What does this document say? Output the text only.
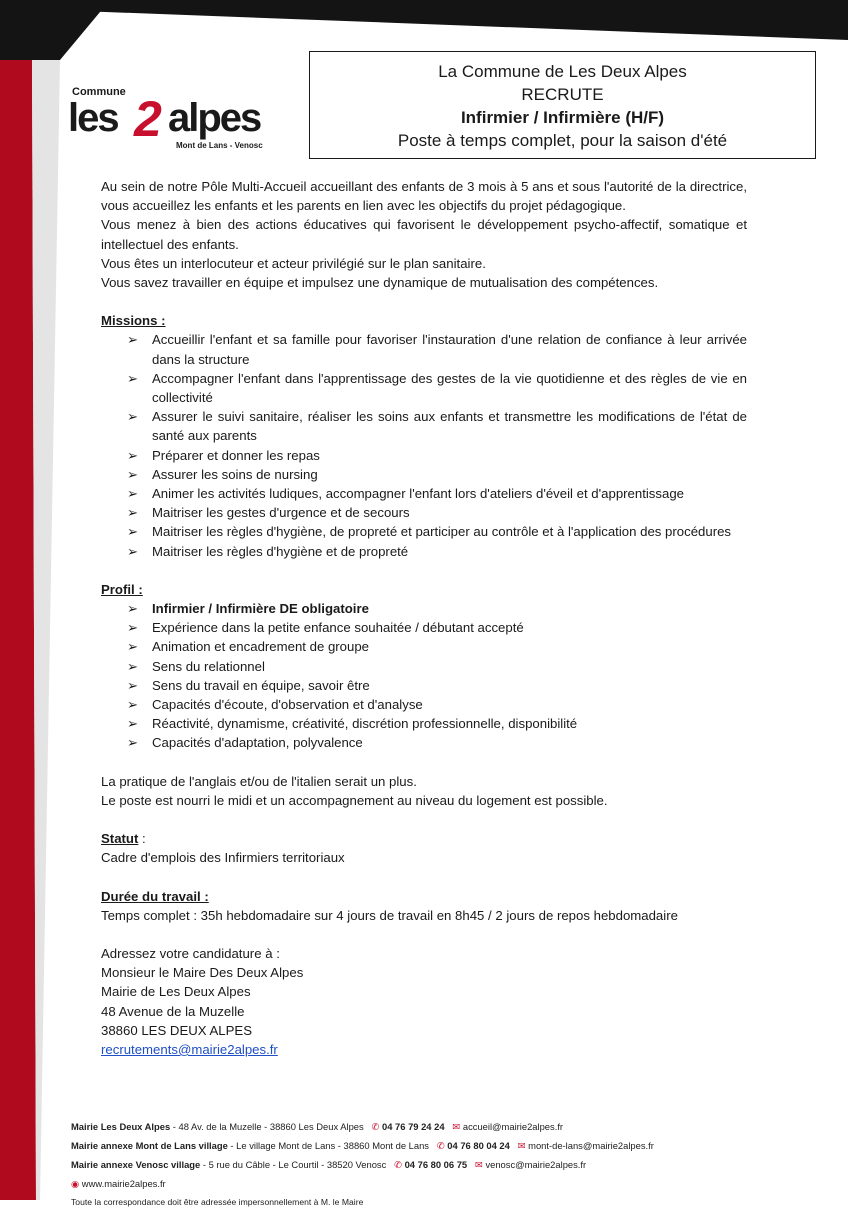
Commune
les 2 alpes
Mont de Lans - Venosc
La Commune de Les Deux Alpes
RECRUTE
Infirmier / Infirmière (H/F)
Poste à temps complet, pour la saison d'été

Au sein de notre Pôle Multi-Accueil accueillant des enfants de 3 mois à 5 ans et sous l'autorité de la directrice, vous accueillez les enfants et les parents en lien avec les objectifs du projet pédagogique.

Vous menez à bien des actions éducatives qui favorisent le développement psycho-affectif, somatique et intellectuel des enfants.

Vous êtes un interlocuteur et acteur privilégié sur le plan sanitaire.

Vous savez travailler en équipe et impulsez une dynamique de mutualisation des compétences.

Missions :

➢ Accueillir l'enfant et sa famille pour favoriser l'instauration d'une relation de confiance à leur arrivée dans la structure
➢ Accompagner l'enfant dans l'apprentissage des gestes de la vie quotidienne et des règles de vie en collectivité
➢ Assurer le suivi sanitaire, réaliser les soins aux enfants et transmettre les modifications de l'état de santé aux parents
➢ Préparer et donner les repas
➢ Assurer les soins de nursing
➢ Animer les activités ludiques, accompagner l'enfant lors d'ateliers d'éveil et d'apprentissage
➢ Maitriser les gestes d'urgence et de secours
➢ Maitriser les règles d'hygiène, de propreté et participer au contrôle et à l'application des procédures
➢ Maitriser les règles d'hygiène et de propreté

Profil :

➢ Infirmier / Infirmière DE obligatoire
➢ Expérience dans la petite enfance souhaitée / débutant accepté
➢ Animation et encadrement de groupe
➢ Sens du relationnel
➢ Sens du travail en équipe, savoir être
➢ Capacités d'écoute, d'observation et d'analyse
➢ Réactivité, dynamisme, créativité, discrétion professionnelle, disponibilité
➢ Capacités d'adaptation, polyvalence

La pratique de l'anglais et/ou de l'italien serait un plus.

Le poste est nourri le midi et un accompagnement au niveau du logement est possible.

Statut :

Cadre d'emplois des Infirmiers territoriaux

Durée du travail :

Temps complet : 35h hebdomadaire sur 4 jours de travail en 8h45 / 2 jours de repos hebdomadaire

Adressez votre candidature à :

Monsieur le Maire Des Deux Alpes

Mairie de Les Deux Alpes

48 Avenue de la Muzelle

38860 LES DEUX ALPES

recrutements@mairie2alpes.fr

Mairie Les Deux Alpes - 48 Av. de la Muzelle - 38860 Les Deux Alpes ✆ 04 76 79 24 24 ✉ accueil@mairie2alpes.fr
Mairie annexe Mont de Lans village - Le village Mont de Lans - 38860 Mont de Lans ✆ 04 76 80 04 24 ✉ mont-de-lans@mairie2alpes.fr
Mairie annexe Venosc village - 5 rue du Câble - Le Courtil - 38520 Venosc ✆ 04 76 80 06 75 ✉ venosc@mairie2alpes.fr
◉ www.mairie2alpes.fr
Toute la correspondance doit être adressée impersonnellement à M. le Maire
